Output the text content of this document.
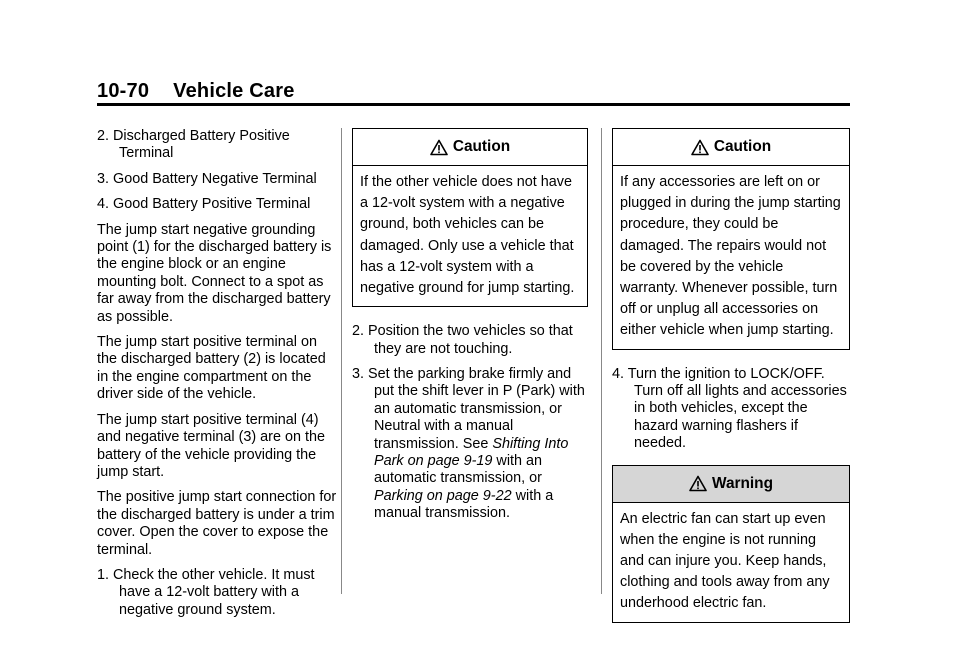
10-70 Vehicle Care
2. Discharged Battery Positive Terminal
3. Good Battery Negative Terminal
4. Good Battery Positive Terminal
The jump start negative grounding point (1) for the discharged battery is the engine block or an engine mounting bolt. Connect to a spot as far away from the discharged battery as possible.
The jump start positive terminal on the discharged battery (2) is located in the engine compartment on the driver side of the vehicle.
The jump start positive terminal (4) and negative terminal (3) are on the battery of the vehicle providing the jump start.
The positive jump start connection for the discharged battery is under a trim cover. Open the cover to expose the terminal.
1. Check the other vehicle. It must have a 12-volt battery with a negative ground system.
Caution
If the other vehicle does not have a 12-volt system with a negative ground, both vehicles can be damaged. Only use a vehicle that has a 12-volt system with a negative ground for jump starting.
2. Position the two vehicles so that they are not touching.
3. Set the parking brake firmly and put the shift lever in P (Park) with an automatic transmission, or Neutral with a manual transmission. See Shifting Into Park on page 9-19 with an automatic transmission, or Parking on page 9-22 with a manual transmission.
Caution
If any accessories are left on or plugged in during the jump starting procedure, they could be damaged. The repairs would not be covered by the vehicle warranty. Whenever possible, turn off or unplug all accessories on either vehicle when jump starting.
4. Turn the ignition to LOCK/OFF. Turn off all lights and accessories in both vehicles, except the hazard warning flashers if needed.
Warning
An electric fan can start up even when the engine is not running and can injure you. Keep hands, clothing and tools away from any underhood electric fan.
